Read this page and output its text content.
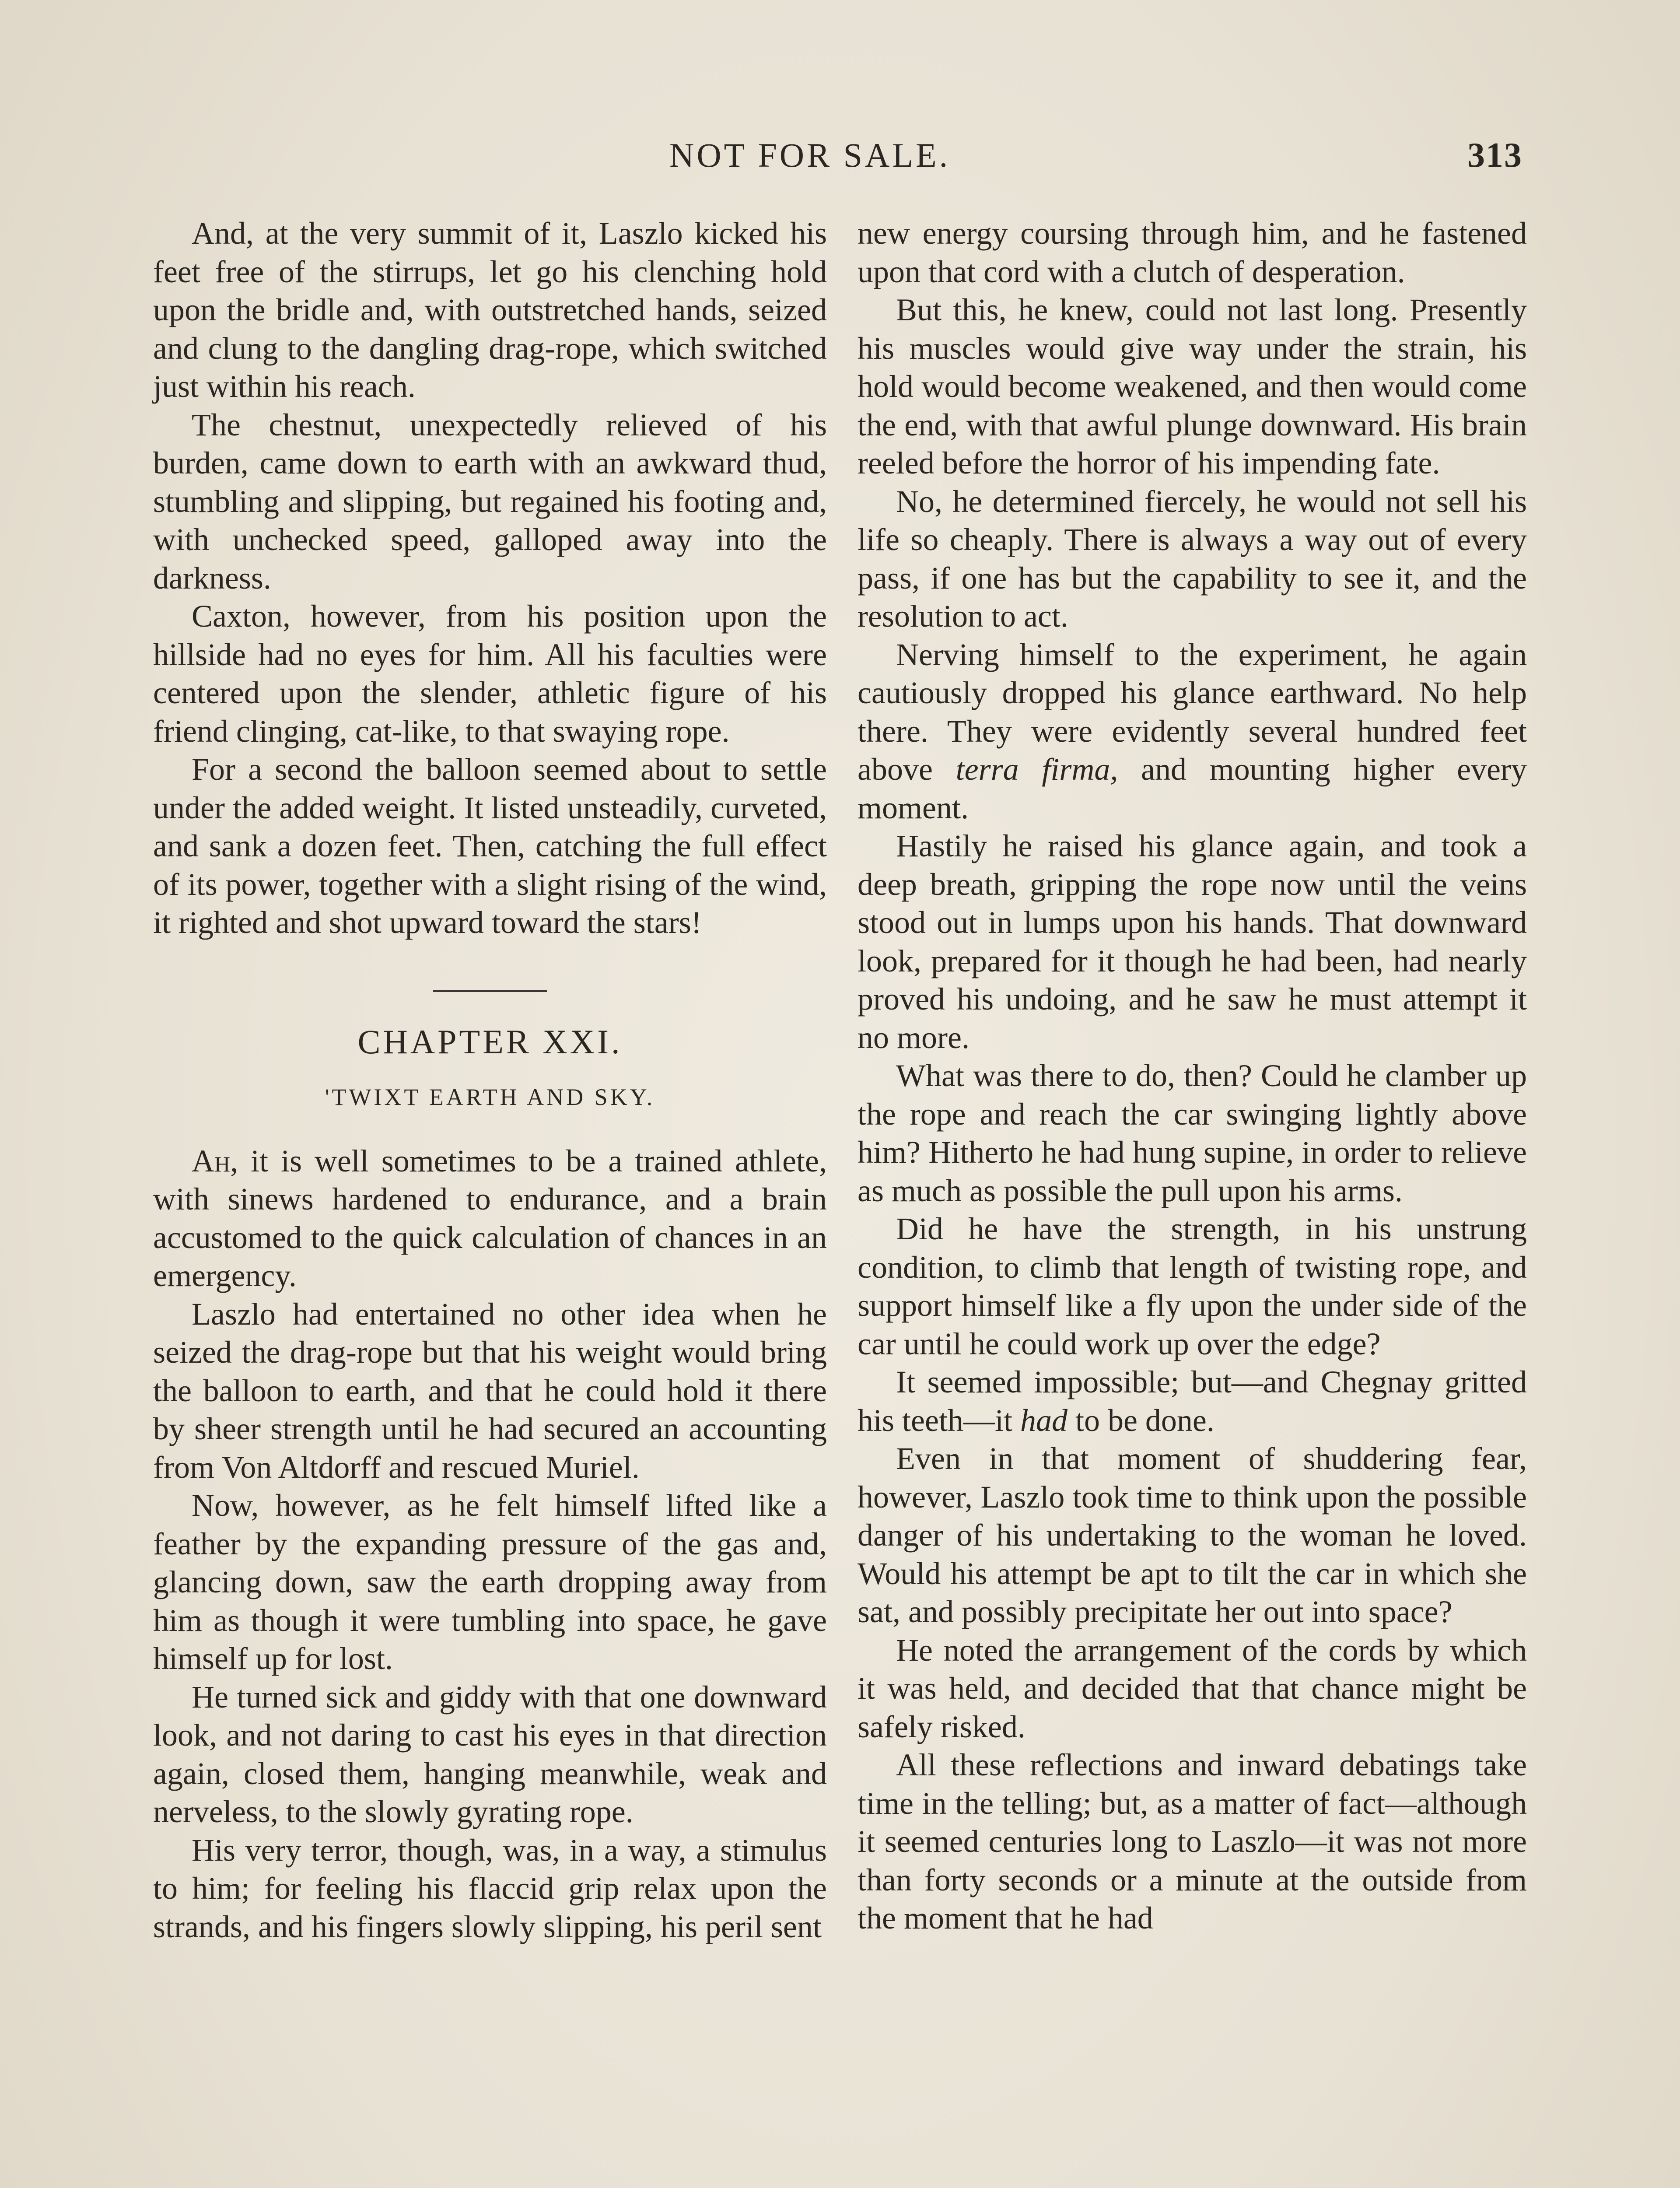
NOT FOR SALE.	313

And, at the very summit of it, Laszlo kicked his feet free of the stirrups, let go his clenching hold upon the bridle and, with outstretched hands, seized and clung to the dangling drag-rope, which switched just within his reach.

The chestnut, unexpectedly relieved of his burden, came down to earth with an awkward thud, stumbling and slipping, but regained his footing and, with unchecked speed, galloped away into the darkness.

Caxton, however, from his position upon the hillside had no eyes for him. All his faculties were centered upon the slender, athletic figure of his friend clinging, cat-like, to that swaying rope.

For a second the balloon seemed about to settle under the added weight. It listed unsteadily, curveted, and sank a dozen feet. Then, catching the full effect of its power, together with a slight rising of the wind, it righted and shot upward toward the stars!

CHAPTER XXI.
'TWIXT EARTH AND SKY.

Ah, it is well sometimes to be a trained athlete, with sinews hardened to endurance, and a brain accustomed to the quick calculation of chances in an emergency.

Laszlo had entertained no other idea when he seized the drag-rope but that his weight would bring the balloon to earth, and that he could hold it there by sheer strength until he had secured an accounting from Von Altdorff and rescued Muriel.

Now, however, as he felt himself lifted like a feather by the expanding pressure of the gas and, glancing down, saw the earth dropping away from him as though it were tumbling into space, he gave himself up for lost.

He turned sick and giddy with that one downward look, and not daring to cast his eyes in that direction again, closed them, hanging meanwhile, weak and nerveless, to the slowly gyrating rope.

His very terror, though, was, in a way, a stimulus to him; for feeling his flaccid grip relax upon the strands, and his fingers slowly slipping, his peril sent

new energy coursing through him, and he fastened upon that cord with a clutch of desperation.

But this, he knew, could not last long. Presently his muscles would give way under the strain, his hold would become weakened, and then would come the end, with that awful plunge downward. His brain reeled before the horror of his impending fate.

No, he determined fiercely, he would not sell his life so cheaply. There is always a way out of every pass, if one has but the capability to see it, and the resolution to act.

Nerving himself to the experiment, he again cautiously dropped his glance earthward. No help there. They were evidently several hundred feet above terra firma, and mounting higher every moment.

Hastily he raised his glance again, and took a deep breath, gripping the rope now until the veins stood out in lumps upon his hands. That downward look, prepared for it though he had been, had nearly proved his undoing, and he saw he must attempt it no more.

What was there to do, then? Could he clamber up the rope and reach the car swinging lightly above him? Hitherto he had hung supine, in order to relieve as much as possible the pull upon his arms.

Did he have the strength, in his unstrung condition, to climb that length of twisting rope, and support himself like a fly upon the under side of the car until he could work up over the edge?

It seemed impossible; but—and Chegnay gritted his teeth—it had to be done.

Even in that moment of shuddering fear, however, Laszlo took time to think upon the possible danger of his undertaking to the woman he loved. Would his attempt be apt to tilt the car in which she sat, and possibly precipitate her out into space?

He noted the arrangement of the cords by which it was held, and decided that that chance might be safely risked.

All these reflections and inward debatings take time in the telling; but, as a matter of fact—although it seemed centuries long to Laszlo—it was not more than forty seconds or a minute at the outside from the moment that he had
